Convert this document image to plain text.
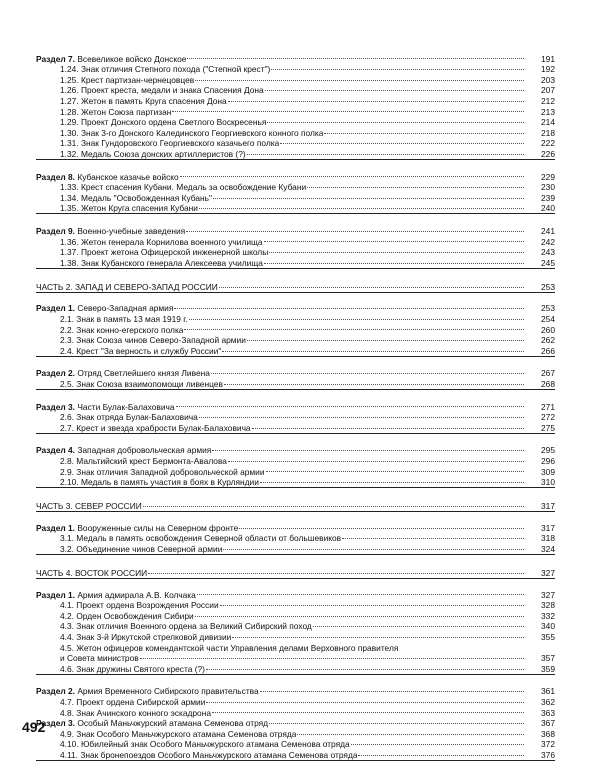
Раздел 7. Всевеликое войско Донское	191
1.24. Знак отличия Степного похода ("Степной крест")	192
1.25. Крест партизан-чернецовцев	203
1.26. Проект креста, медали и знака Спасения Дона	207
1.27. Жетон в память Круга спасения Дона	212
1.28. Жетон Союза партизан	213
1.29. Проект Донского ордена Светлого Воскресенья	214
1.30. Знак 3-го Донского Калединского Георгиевского конного полка	218
1.31. Знак Гундоровского Георгиевского казачьего полка	222
1.32. Медаль Союза донских артиллеристов (?)	226
Раздел 8. Кубанское казачье войско	229
1.33. Крест спасения Кубани. Медаль за освобождение Кубани	230
1.34. Медаль "Освобожденная Кубань"	239
1.35. Жетон Круга спасения Кубани	240
Раздел 9. Военно-учебные заведения	241
1.36. Жетон генерала Корнилова военного училища	242
1.37. Проект жетона Офицерской инженерной школы	243
1.38. Знак Кубанского генерала Алексеева училища	245
ЧАСТЬ 2. ЗАПАД И СЕВЕРО-ЗАПАД РОССИИ	253
Раздел 1. Северо-Западная армия	253
2.1. Знак в память 13 мая 1919 г.	254
2.2. Знак конно-егерского полка	260
2.3. Знак Союза чинов Северо-Западной армии	262
2.4. Крест "За верность и службу России"	266
Раздел 2. Отряд Светлейшего князя Ливена	267
2.5. Знак Союза взаимопомощи ливенцев	268
Раздел 3. Части Булак-Балаховича	271
2.6. Знак отряда Булак-Балаховича	272
2.7. Крест и звезда храбрости Булак-Балаховича	275
Раздел 4. Западная добровольческая армия	295
2.8. Мальтийский крест Бермонта-Авалова	296
2.9. Знак отличия Западной добровольческой армии	309
2.10. Медаль в память участия в боях в Курляндии	310
ЧАСТЬ 3. СЕВЕР РОССИИ	317
Раздел 1. Вооруженные силы на Северном фронте	317
3.1. Медаль в память освобождения Северной области от большевиков	318
3.2. Объединение чинов Северной армии	324
ЧАСТЬ 4. ВОСТОК РОССИИ	327
Раздел 1. Армия адмирала А.В. Колчака	327
4.1. Проект ордена Возрождения России	328
4.2. Орден Освобождения Сибири	332
4.3. Знак отличия Военного ордена за Великий Сибирский поход	340
4.4. Знак 3-й Иркутской стрелковой дивизии	355
4.5. Жетон офицеров комендантской части Управления делами Верховного правителя
и Совета министров	357
4.6. Знак дружины Святого креста (?)	359
Раздел 2. Армия Временного Сибирского правительства	361
4.7. Проект ордена Сибирской армии	362
4.8. Знак Ачинского конного эскадрона	363
Раздел 3. Особый Маньчжурский атамана Семенова отряд	367
4.9. Знак Особого Маньчжурского атамана Семенова отряда	368
4.10. Юбилейный знак Особого Маньчжурского атамана Семенова отряда	372
4.11. Знак бронепоездов Особого Маньчжурского атамана Семенова отряда	376
492
